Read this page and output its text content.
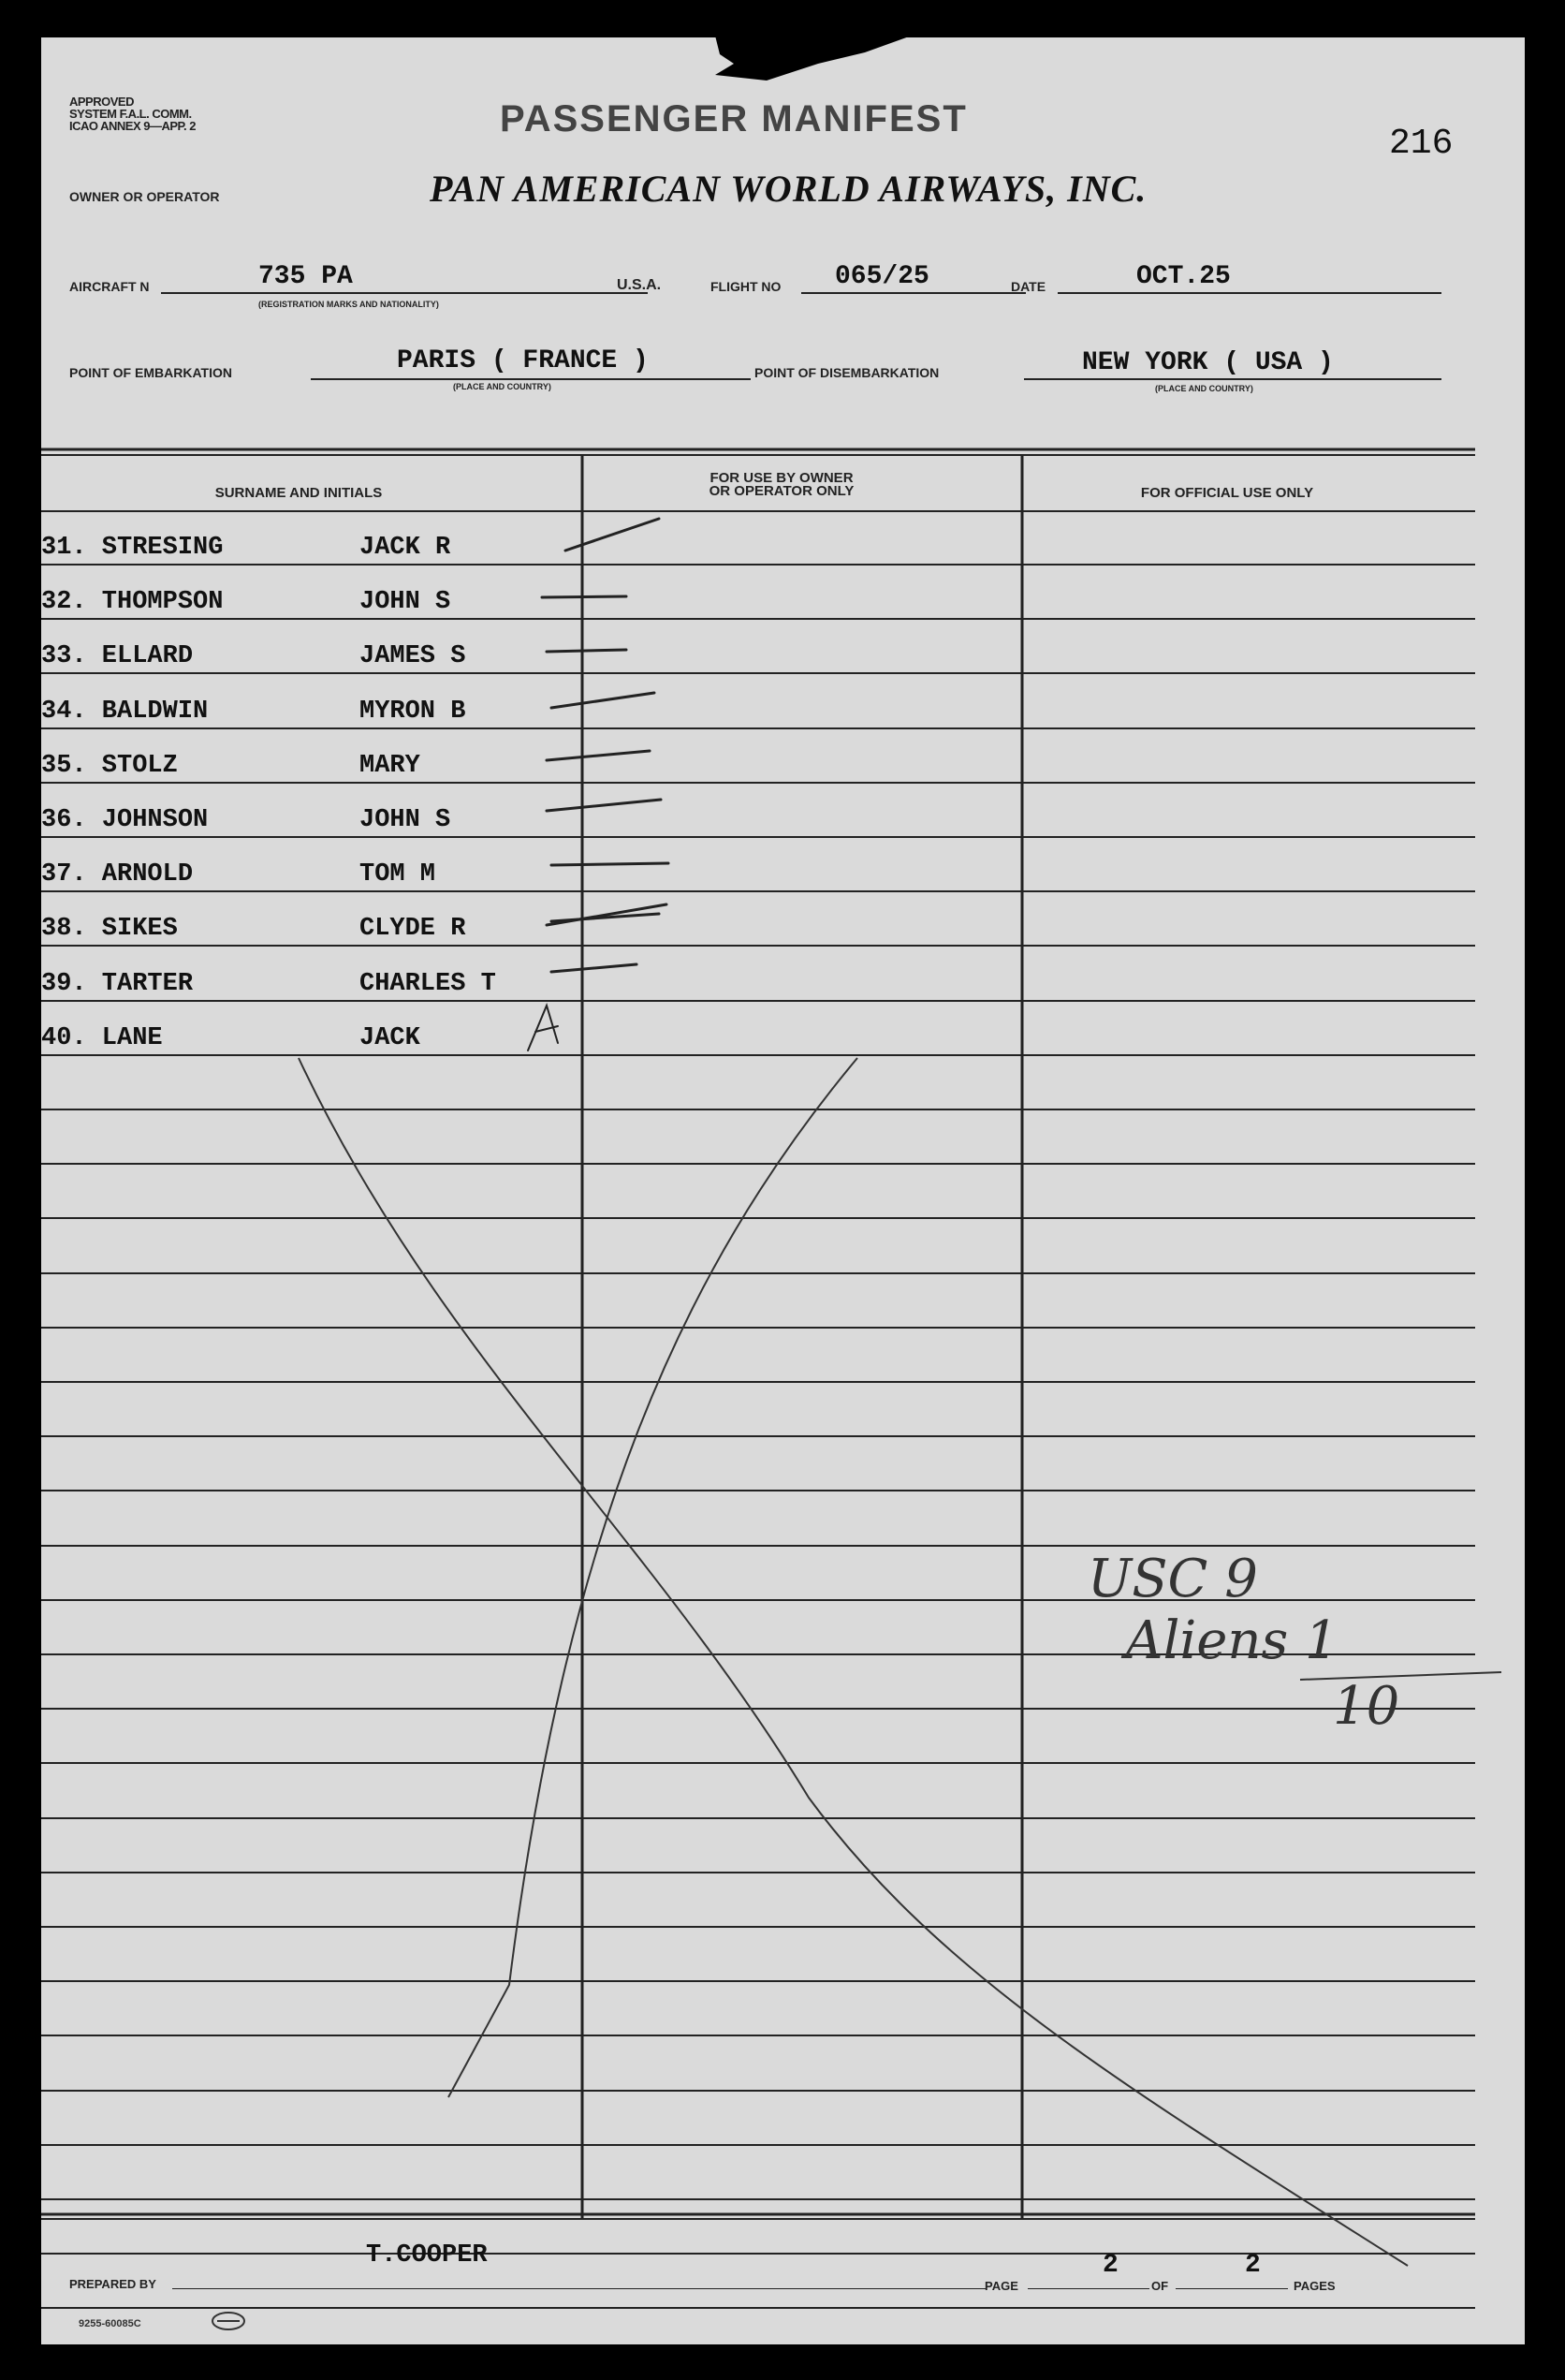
APPROVED
SYSTEM F.A.L. COMM.
ICAO ANNEX 9—APP. 2	PASSENGER MANIFEST
216
OWNER OR OPERATOR	PAN AMERICAN WORLD AIRWAYS, INC.
AIRCRAFT N	735 PA
(REGISTRATION MARKS AND NATIONALITY)
U.S.A.	FLIGHT NO 065/25	DATE	OCT.25
POINT OF EMBARKATION	PARIS ( FRANCE )
(PLACE AND COUNTRY)
POINT OF DISEMBARKATION	NEW YORK ( USA )
(PLACE AND COUNTRY)
SURNAME AND INITIALS
FOR USE BY OWNER
OR OPERATOR ONLY	FOR OFFICIAL USE ONLY
31. STRESING	JACK R
32. THOMPSON	JOHN S
33. ELLARD	JAMES S
34. BALDWIN	MYRON B
35. STOLZ	MARY
36. JOHNSON	JOHN S
37. ARNOLD	TOM M
38. SIKES	CLYDE R
39. TARTER	CHARLES T
40. LANE	JACK
USC 9
Aliens 1
10
T.COOPER
PREPARED BY	PAGE
2
OF
2
PAGES
9255-60085C
